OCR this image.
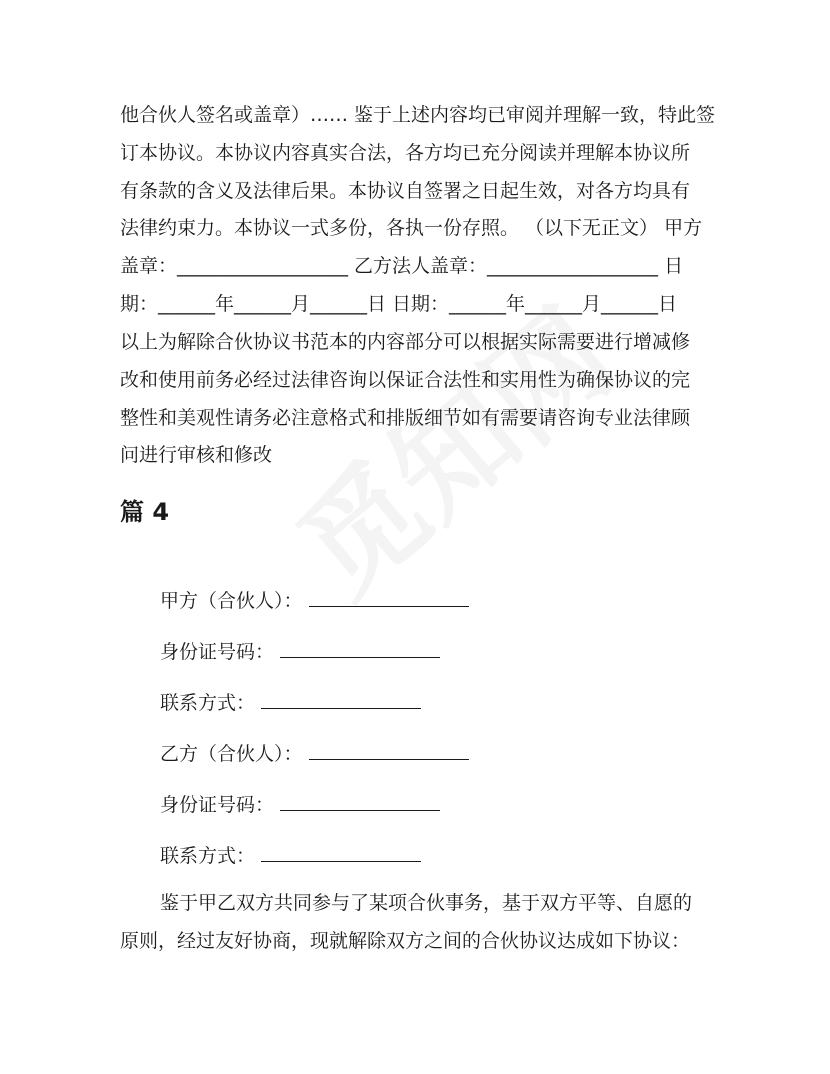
他合伙人签名或盖章）…… 鉴于上述内容均已审阅并理解一致，特此签
订本协议。本协议内容真实合法，各方均已充分阅读并理解本协议所
有条款的含义及法律后果。本协议自签署之日起生效，对各方均具有
法律约束力。本协议一式多份，各执一份存照。 （以下无正文） 甲方
盖章：__________________ 乙方法人盖章：__________________ 日
期：______年______月______日 日期：______年______月______日

以上为解除合伙协议书范本的内容部分可以根据实际需要进行增减修
改和使用前务必经过法律咨询以保证合法性和实用性为确保协议的完
整性和美观性请务必注意格式和排版细节如有需要请咨询专业法律顾
问进行审核和修改

篇 4
甲方（合伙人）：
身份证号码：
联系方式：
乙方（合伙人）：
身份证号码：
联系方式：

鉴于甲乙双方共同参与了某项合伙事务，基于双方平等、自愿的
原则，经过友好协商，现就解除双方之间的合伙协议达成如下协议：
